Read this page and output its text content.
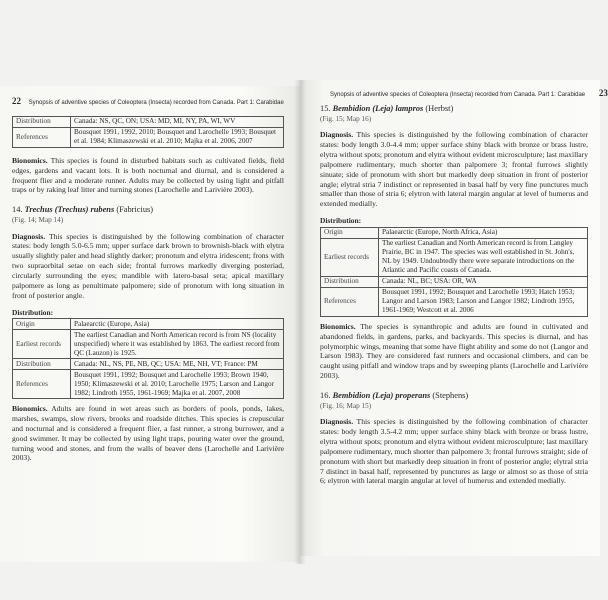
22 Synopsis of adventive species of Coleoptera (Insecta) recorded from Canada. Part 1: Carabidae
Distribution	Canada: NS, QC, ON; USA: MD, MI, NY, PA, WI, WV
References	Bousquet 1991, 1992, 2010; Bousquet and Larochelle 1993; Bousquet et al. 1984; Klimaszewski et al. 2010; Majka et al. 2006, 2007

Bionomics. This species is found in disturbed habitats such as cultivated fields, field edges, gardens and vacant lots. It is both nocturnal and diurnal, and is considered a frequent flier and a moderate runner. Adults may be collected by using light and pitfall traps or by raking leaf litter and turning stones (Larochelle and Larivière 2003).

14. Trechus (Trechus) rubens (Fabricius)
(Fig. 14; Map 14)

Diagnosis. This species is distinguished by the following combination of character states: body length 5.0-6.5 mm; upper surface dark brown to brownish-black with elytra usually slightly paler and head slightly darker; pronotum and elytra iridescent; frons with two supraorbital setae on each side; frontal furrows markedly diverging posteriad, circularly surrounding the eyes; mandible with latero-basal seta; apical maxillary palpomere as long as penultimate palpomere; side of pronotum with long situation in front of posterior angle.

Distribution:
Origin	Palaearctic (Europe, Asia)
Earliest records	The earliest Canadian and North American record is from NS (locality unspecified) where it was established by 1863. The earliest record from QC (Lauzon) is 1925.
Distribution	Canada: NL, NS, PE, NB, QC; USA: ME, NH, VT; France: PM
References	Bousquet 1991, 1992; Bousquet and Larochelle 1993; Brown 1940, 1950; Klimaszewski et al. 2010; Larochelle 1975; Larson and Langor 1982; Lindroth 1955, 1961-1969; Majka et al. 2007, 2008

Bionomics. Adults are found in wet areas such as borders of pools, ponds, lakes, marshes, swamps, slow rivers, brooks and roadside ditches. This species is crepuscular and nocturnal and is considered a frequent flier, a fast runner, a strong burrower, and a good swimmer. It may be collected by using light traps, pouring water over the ground, turning wood and stones, and from the walls of beaver dens (Larochelle and Larivière 2003).

Synopsis of adventive species of Coleoptera (Insecta) recorded from Canada. Part 1: Carabidae 23
15. Bembidion (Leja) lampros (Herbst)
(Fig. 15; Map 16)

Diagnosis. This species is distinguished by the following combination of character states: body length 3.0-4.4 mm; upper surface shiny black with bronze or brass lustre, elytra without spots; pronotum and elytra without evident microsculpture; last maxillary palpomere rudimentary, much shorter than palpomere 3; frontal furrows slightly sinuate; side of pronotum with short but markedly deep situation in front of posterior angle; elytral stria 7 indistinct or represented in basal half by very fine punctures much smaller than those of stria 6; elytron with lateral margin angular at level of humerus and extended medially.

Distribution:
Origin	Palaearctic (Europe, North Africa, Asia)
Earliest records	The earliest Canadian and North American record is from Langley Prairie, BC in 1947. The species was well established in St. John's, NL by 1949. Undoubtedly there were separate introductions on the Atlantic and Pacific coasts of Canada.
Distribution	Canada: NL, BC; USA: OR, WA
References	Bousquet 1991, 1992; Bousquet and Larochelle 1993; Hatch 1953; Langor and Larson 1983; Larson and Langor 1982; Lindroth 1955, 1961-1969; Westcott et al. 2006

Bionomics. The species is synanthropic and adults are found in cultivated and abandoned fields, in gardens, parks, and backyards. This species is diurnal, and has polymorphic wings, meaning that some have flight ability and some do not (Langor and Larson 1983). They are considered fast runners and occasional climbers, and can be caught using pitfall and window traps and by sweeping plants (Larochelle and Larivière 2003).

16. Bembidion (Leja) properans (Stephens)
(Fig. 16; Map 15)

Diagnosis. This species is distinguished by the following combination of character states: body length 3.5-4.2 mm; upper surface shiny black with bronze or brass lustre, elytra without spots; pronotum and elytra without evident microsculpture; last maxillary palpomere rudimentary, much shorter than palpomere 3; frontal furrows straight; side of pronotum with short but markedly deep situation in front of posterior angle; elytral stria 7 distinct in basal half, represented by punctures as large or almost so as those of stria 6; elytron with lateral margin angular at level of humerus and extended medially.
